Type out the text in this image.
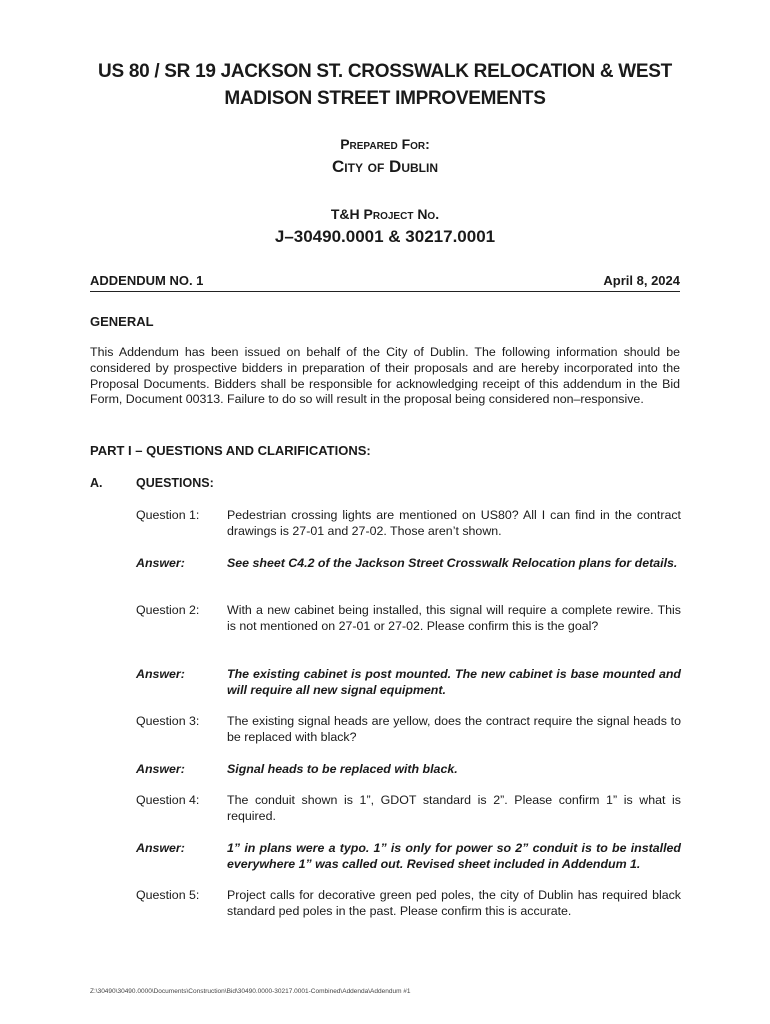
US 80 / SR 19 JACKSON ST. CROSSWALK RELOCATION & WEST MADISON STREET IMPROVEMENTS
Prepared For:
City of Dublin
T&H Project No.
J–30490.0001 & 30217.0001
ADDENDUM NO. 1	April 8, 2024
GENERAL
This Addendum has been issued on behalf of the City of Dublin. The following information should be considered by prospective bidders in preparation of their proposals and are hereby incorporated into the Proposal Documents. Bidders shall be responsible for acknowledging receipt of this addendum in the Bid Form, Document 00313. Failure to do so will result in the proposal being considered non–responsive.
PART I – QUESTIONS AND CLARIFICATIONS:
A.	QUESTIONS:
Question 1:	Pedestrian crossing lights are mentioned on US80? All I can find in the contract drawings is 27-01 and 27-02. Those aren’t shown.
Answer:	See sheet C4.2 of the Jackson Street Crosswalk Relocation plans for details.
Question 2:	With a new cabinet being installed, this signal will require a complete rewire. This is not mentioned on 27-01 or 27-02. Please confirm this is the goal?
Answer:	The existing cabinet is post mounted. The new cabinet is base mounted and will require all new signal equipment.
Question 3:	The existing signal heads are yellow, does the contract require the signal heads to be replaced with black?
Answer:	Signal heads to be replaced with black.
Question 4:	The conduit shown is 1”, GDOT standard is 2”. Please confirm 1” is what is required.
Answer:	1” in plans were a typo. 1” is only for power so 2” conduit is to be installed everywhere 1” was called out. Revised sheet included in Addendum 1.
Question 5:	Project calls for decorative green ped poles, the city of Dublin has required black standard ped poles in the past. Please confirm this is accurate.
Z:\30490\30490.0000\Documents\Construction\Bid\30490.0000-30217.0001-Combined\Addenda\Addendum #1
